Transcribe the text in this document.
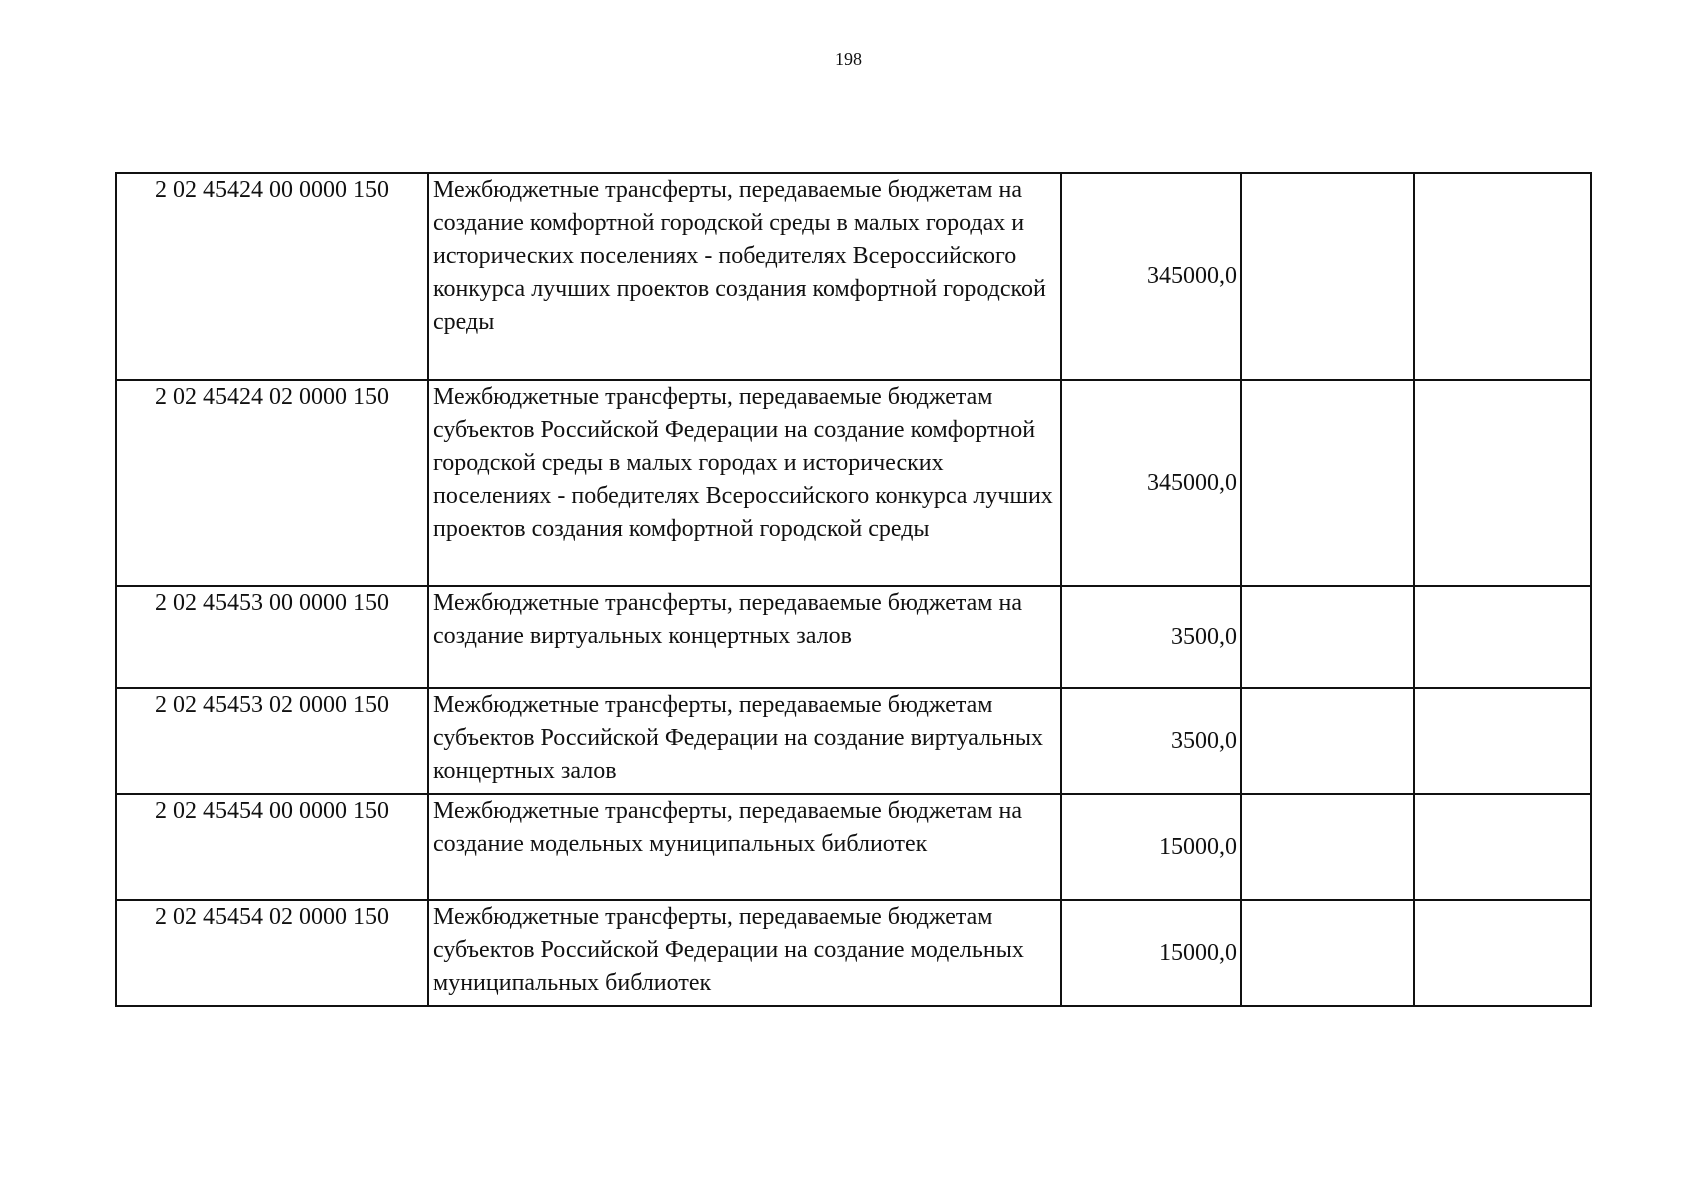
198
2 02 45424 00 0000 150	Межбюджетные трансферты, передаваемые бюджетам на создание комфортной городской среды в малых городах и исторических поселениях - победителях Всероссийского конкурса лучших проектов создания комфортной городской среды	345000,0		

2 02 45424 02 0000 150	Межбюджетные трансферты, передаваемые бюджетам субъектов Российской Федерации на создание комфортной городской среды в малых городах и исторических поселениях - победителях Всероссийского конкурса лучших проектов создания комфортной городской среды	345000,0		

2 02 45453 00 0000 150	Межбюджетные трансферты, передаваемые бюджетам на создание виртуальных концертных залов	3500,0		

2 02 45453 02 0000 150	Межбюджетные трансферты, передаваемые бюджетам субъектов Российской Федерации на создание виртуальных концертных залов	3500,0		

2 02 45454 00 0000 150	Межбюджетные трансферты, передаваемые бюджетам на создание модельных муниципальных библиотек	15000,0		

2 02 45454 02 0000 150	Межбюджетные трансферты, передаваемые бюджетам субъектов Российской Федерации на создание модельных муниципальных библиотек	15000,0		
